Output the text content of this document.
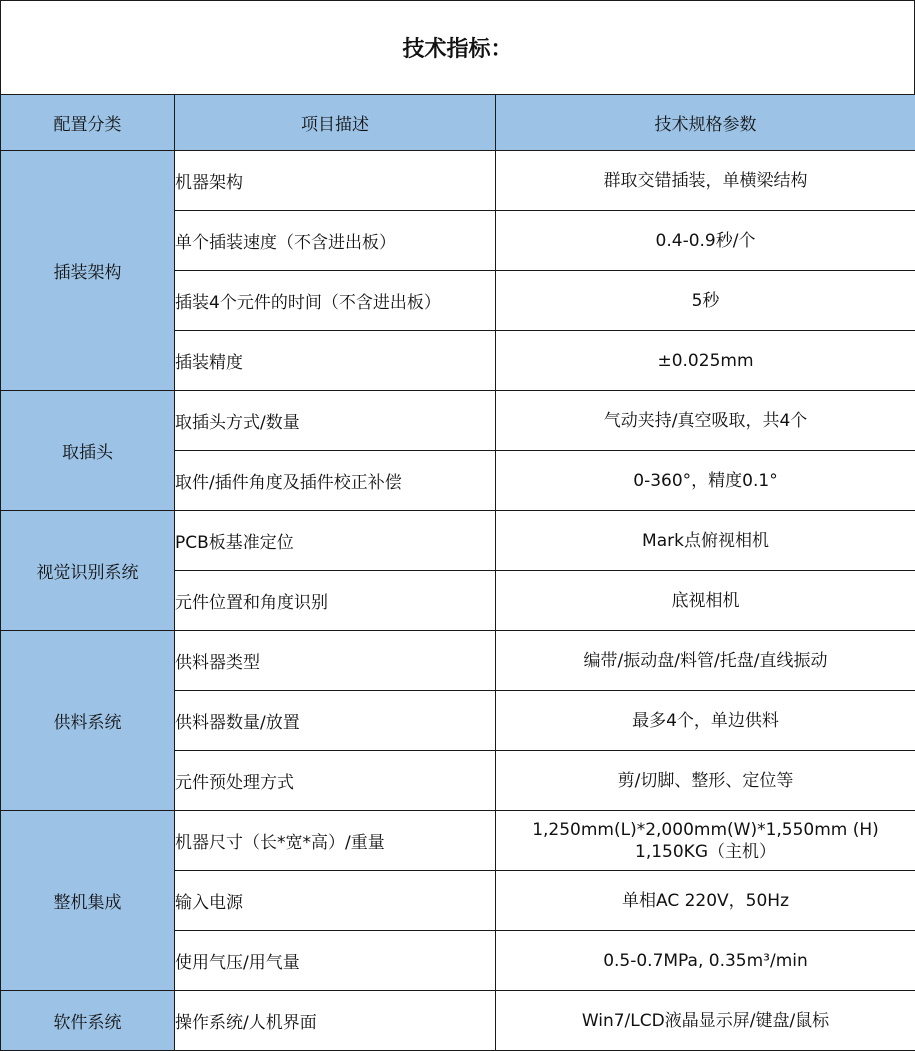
技术指标：
配置分类	项目描述	技术规格参数
插装架构	机器架构	群取交错插装，单横梁结构
	单个插装速度（不含进出板）	0.4-0.9秒/个
	插装4个元件的时间（不含进出板）	5秒
	插装精度	±0.025mm
取插头	取插头方式/数量	气动夹持/真空吸取，共4个
	取件/插件角度及插件校正补偿	0-360°，精度0.1°
视觉识别系统	PCB板基准定位	Mark点俯视相机
	元件位置和角度识别	底视相机
供料系统	供料器类型	编带/振动盘/料管/托盘/直线振动
	供料器数量/放置	最多4个，单边供料
	元件预处理方式	剪/切脚、整形、定位等
整机集成	机器尺寸（长*宽*高）/重量	1,250mm(L)*2,000mm(W)*1,550mm (H)
1,150KG（主机）

	输入电源	单相AC 220V，50Hz
	使用气压/用气量	0.5-0.7MPa, 0.35m³/min
软件系统	操作系统/人机界面	Win7/LCD液晶显示屏/键盘/鼠标
